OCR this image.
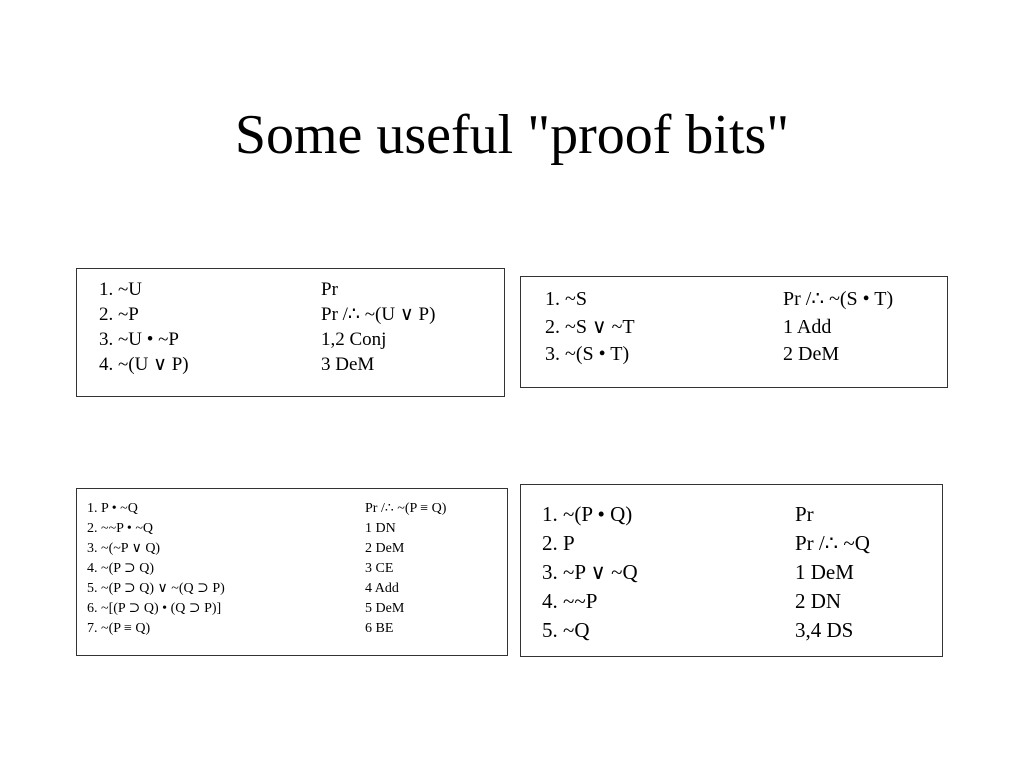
Some useful "proof bits"
1. ~U	Pr
2. ~P	Pr /∴ ~(U ∨ P)
3. ~U • ~P	1,2 Conj
4. ~(U ∨ P)	3 DeM
1. ~S	Pr /∴ ~(S • T)
2. ~S ∨ ~T	1 Add
3. ~(S • T)	2 DeM
1. P • ~Q	Pr /∴ ~(P ≡ Q)
2. ~~P • ~Q	1 DN
3. ~(~P ∨ Q)	2 DeM
4. ~(P ⊃ Q)	3 CE
5. ~(P ⊃ Q) ∨ ~(Q ⊃ P)	4 Add
6. ~[(P ⊃ Q) • (Q ⊃ P)]	5 DeM
7. ~(P ≡ Q)	6 BE
1. ~(P • Q)	Pr
2. P	Pr /∴ ~Q
3. ~P ∨ ~Q	1 DeM
4. ~~P	2 DN
5. ~Q	3,4 DS
